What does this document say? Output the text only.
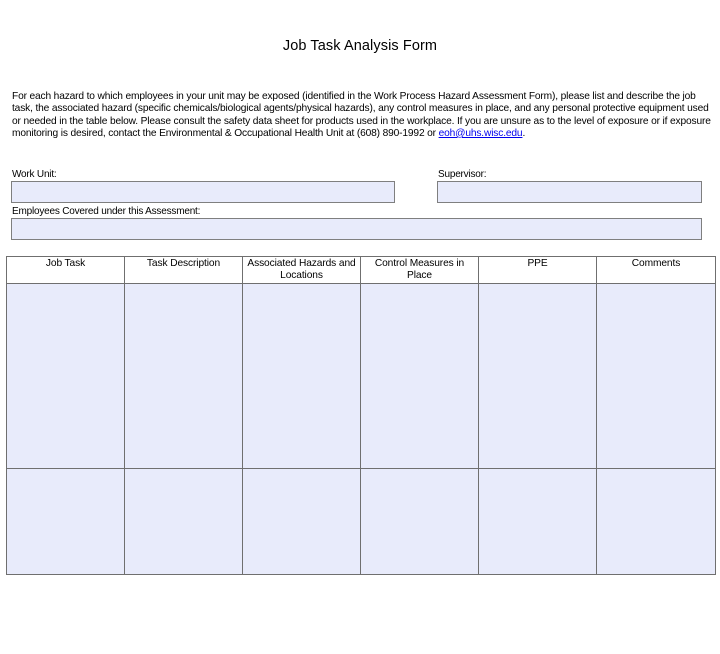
Job Task Analysis Form
For each hazard to which employees in your unit may be exposed (identified in the Work Process Hazard Assessment Form), please list and describe the job task, the associated hazard (specific chemicals/biological agents/physical hazards), any control measures in place, and any personal protective equipment used or needed in the table below. Please consult the safety data sheet for products used in the workplace. If you are unsure as to the level of exposure or if exposure monitoring is desired, contact the Environmental & Occupational Health Unit at (608) 890-1992 or eoh@uhs.wisc.edu.
Work Unit:	Supervisor:
Employees Covered under this Assessment:
Job Task	Task Description	Associated Hazards and Locations	Control Measures in Place	PPE	Comments
